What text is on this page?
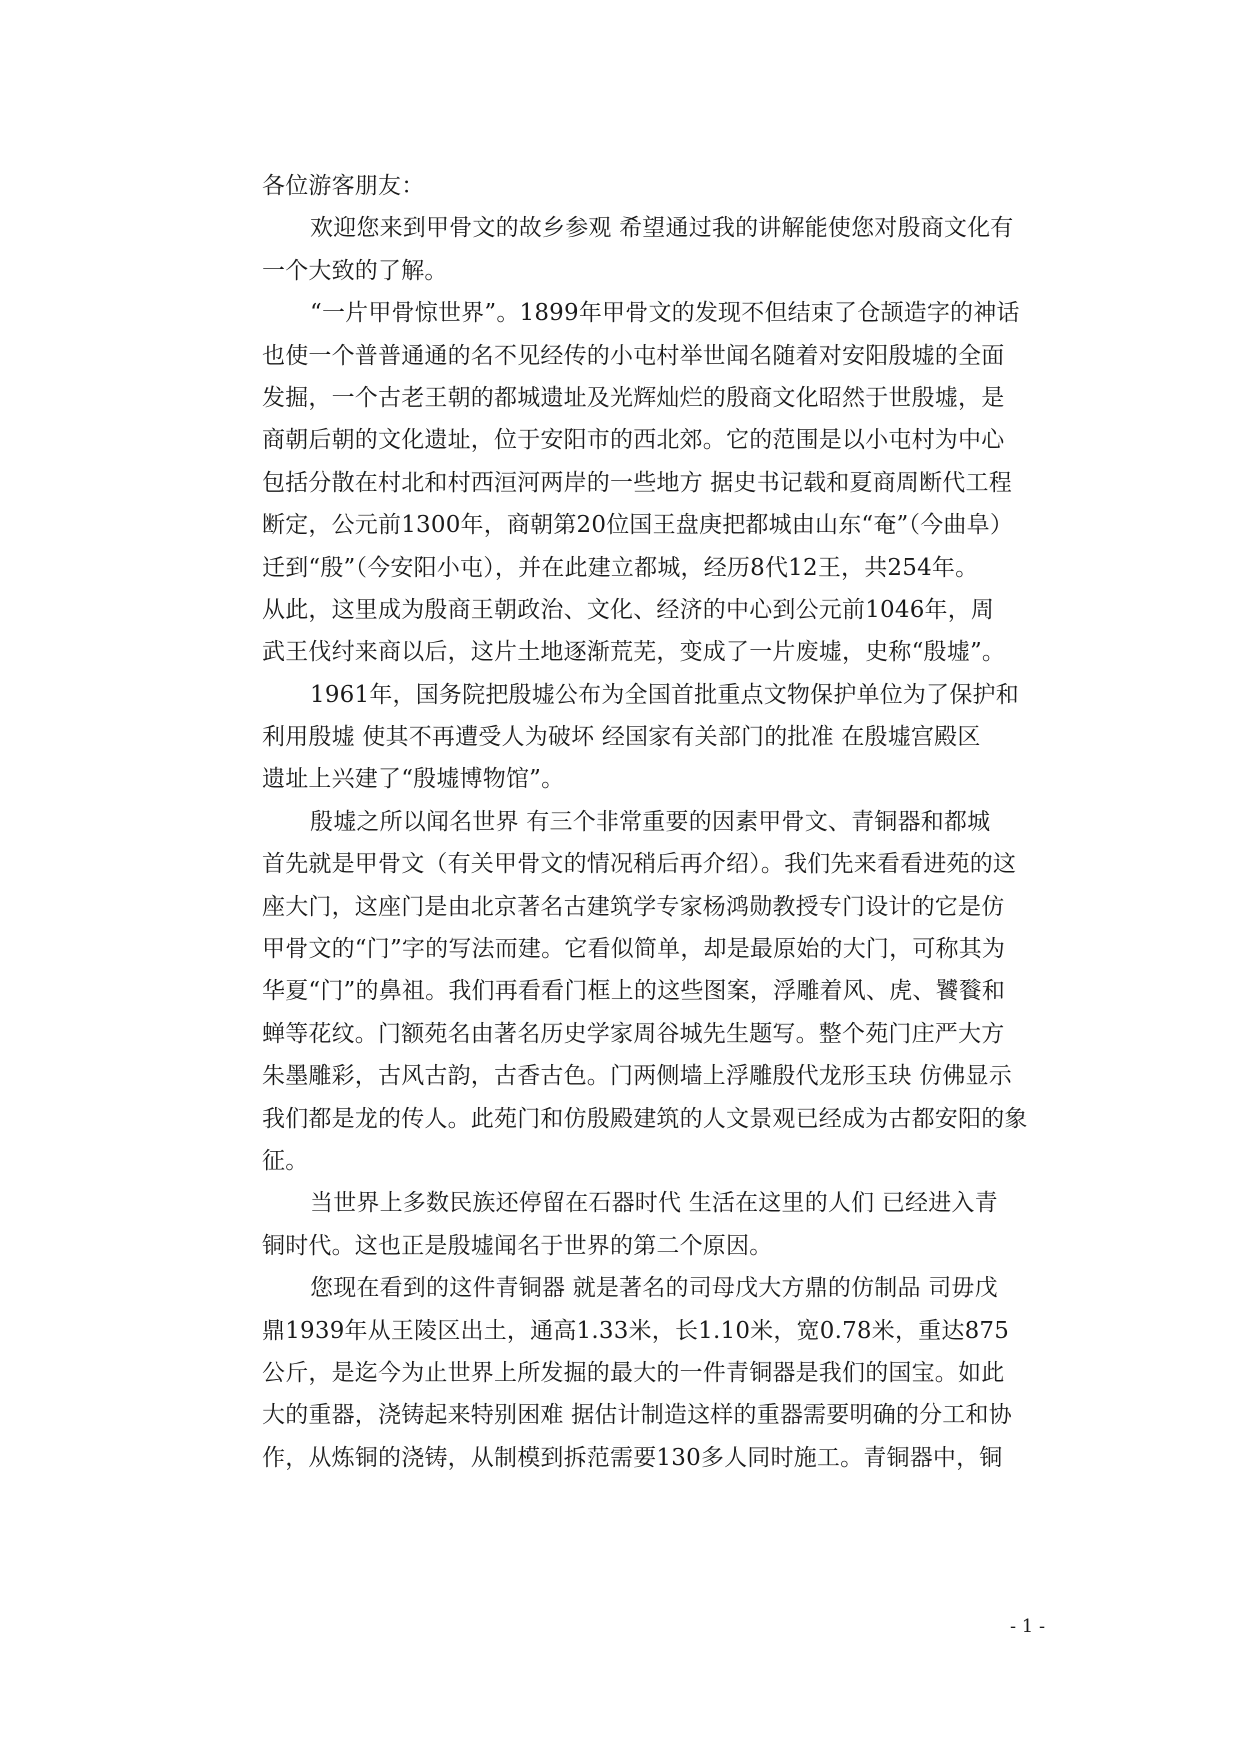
各位游客朋友：
欢迎您来到甲骨文的故乡参观 希望通过我的讲解能使您对殷商文化有
一个大致的了解。
“一片甲骨惊世界”。1899年甲骨文的发现不但结束了仓颉造字的神话
也使一个普普通通的名不见经传的小屯村举世闻名随着对安阳殷墟的全面
发掘，一个古老王朝的都城遗址及光辉灿烂的殷商文化昭然于世殷墟，是
商朝后朝的文化遗址，位于安阳市的西北郊。它的范围是以小屯村为中心
包括分散在村北和村西洹河两岸的一些地方 据史书记载和夏商周断代工程
断定，公元前1300年，商朝第20位国王盘庚把都城由山东“奄”（今曲阜）
迁到“殷”（今安阳小屯），并在此建立都城，经历8代12王，共254年。
从此，这里成为殷商王朝政治、文化、经济的中心到公元前1046年，周
武王伐纣来商以后，这片土地逐渐荒芜，变成了一片废墟，史称“殷墟”。
1961年，国务院把殷墟公布为全国首批重点文物保护单位为了保护和
利用殷墟 使其不再遭受人为破坏 经国家有关部门的批准 在殷墟宫殿区
遗址上兴建了“殷墟博物馆”。
殷墟之所以闻名世界 有三个非常重要的因素甲骨文、青铜器和都城
首先就是甲骨文（有关甲骨文的情况稍后再介绍）。我们先来看看进苑的这
座大门，这座门是由北京著名古建筑学专家杨鸿勋教授专门设计的它是仿
甲骨文的“门”字的写法而建。它看似简单，却是最原始的大门，可称其为
华夏“门”的鼻祖。我们再看看门框上的这些图案，浮雕着风、虎、饕餮和
蝉等花纹。门额苑名由著名历史学家周谷城先生题写。整个苑门庄严大方
朱墨雕彩，古风古韵，古香古色。门两侧墙上浮雕殷代龙形玉玦 仿佛显示
我们都是龙的传人。此苑门和仿殷殿建筑的人文景观已经成为古都安阳的象
征。
当世界上多数民族还停留在石器时代 生活在这里的人们 已经进入青
铜时代。这也正是殷墟闻名于世界的第二个原因。
您现在看到的这件青铜器 就是著名的司母戊大方鼎的仿制品 司毋戊
鼎1939年从王陵区出土，通高1.33米，长1.10米，宽0.78米，重达875
公斤，是迄今为止世界上所发掘的最大的一件青铜器是我们的国宝。如此
大的重器，浇铸起来特别困难 据估计制造这样的重器需要明确的分工和协
作，从炼铜的浇铸，从制模到拆范需要130多人同时施工。青铜器中，铜
- 1 -
